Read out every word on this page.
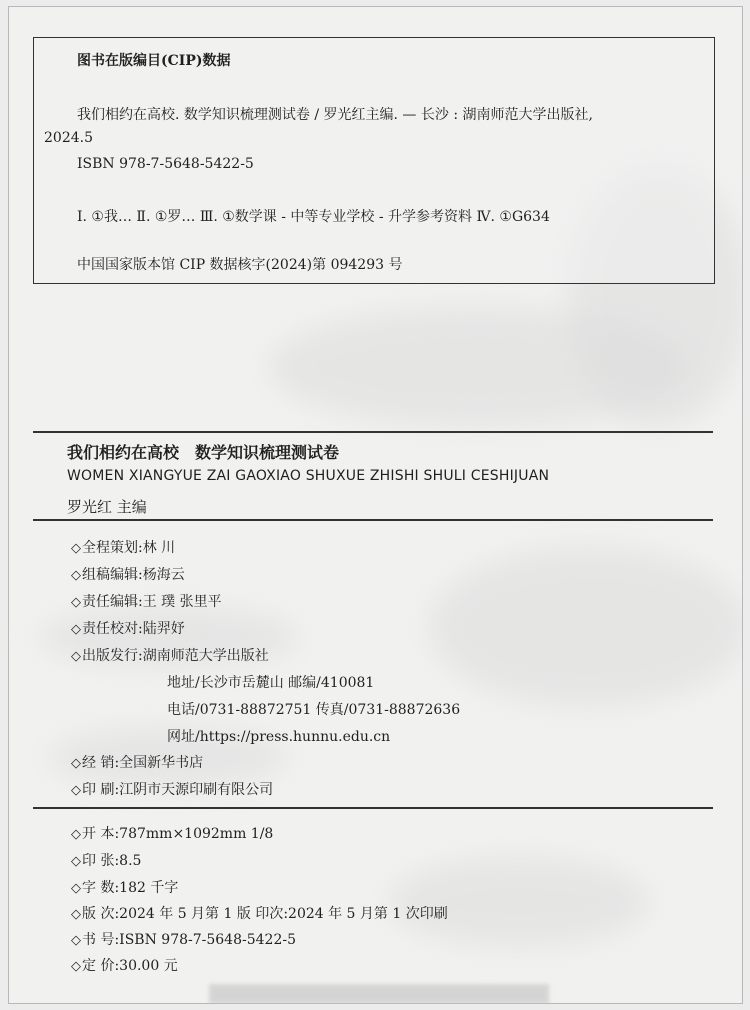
图书在版编目(CIP)数据
我们相约在高校. 数学知识梳理测试卷 / 罗光红主编. — 长沙 : 湖南师范大学出版社,
2024.5
ISBN 978-7-5648-5422-5
Ⅰ. ①我… Ⅱ. ①罗… Ⅲ. ①数学课 - 中等专业学校 - 升学参考资料 Ⅳ. ①G634
中国国家版本馆 CIP 数据核字(2024)第 094293 号
我们相约在高校 数学知识梳理测试卷
WOMEN XIANGYUE ZAI GAOXIAO SHUXUE ZHISHI SHULI CESHIJUAN
罗光红 主编
◇全程策划:林 川
◇组稿编辑:杨海云
◇责任编辑:王 璞 张里平
◇责任校对:陆羿妤
◇出版发行:湖南师范大学出版社
地址/长沙市岳麓山 邮编/410081
电话/0731-88872751 传真/0731-88872636
网址/https://press.hunnu.edu.cn
◇经 销:全国新华书店
◇印 刷:江阴市天源印刷有限公司
◇开 本:787mm×1092mm 1/8
◇印 张:8.5
◇字 数:182 千字
◇版 次:2024 年 5 月第 1 版 印次:2024 年 5 月第 1 次印刷
◇书 号:ISBN 978-7-5648-5422-5
◇定 价:30.00 元
